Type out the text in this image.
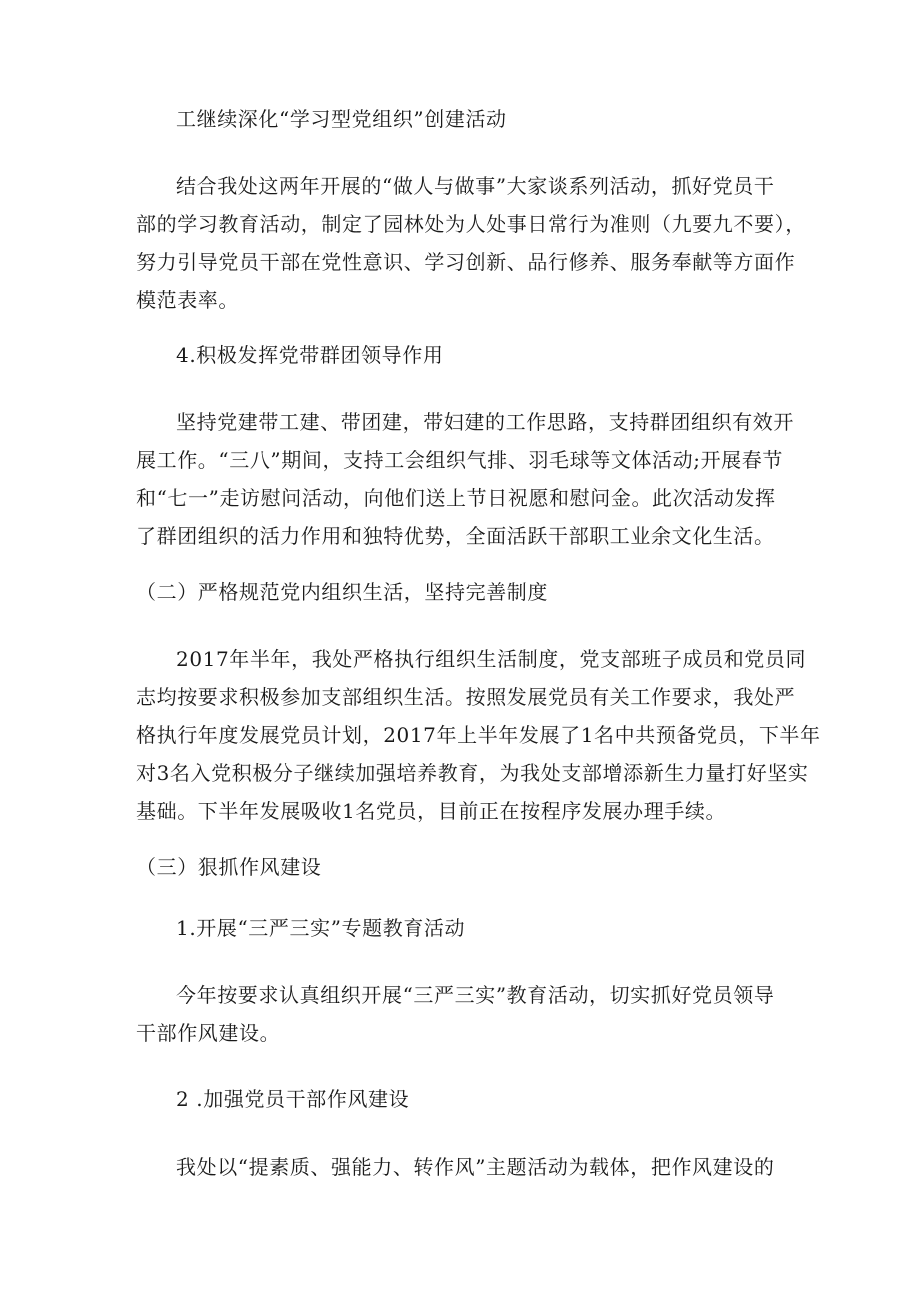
工继续深化“学习型党组织”创建活动
结合我处这两年开展的“做人与做事”大家谈系列活动，抓好党员干
部的学习教育活动，制定了园林处为人处事日常行为准则（九要九不要），
努力引导党员干部在党性意识、学习创新、品行修养、服务奉献等方面作
模范表率。
4.积极发挥党带群团领导作用
坚持党建带工建、带团建，带妇建的工作思路，支持群团组织有效开
展工作。“三八”期间，支持工会组织气排、羽毛球等文体活动;开展春节
和“七一”走访慰问活动，向他们送上节日祝愿和慰问金。此次活动发挥
了群团组织的活力作用和独特优势，全面活跃干部职工业余文化生活。
（二）严格规范党内组织生活，坚持完善制度
2017年半年，我处严格执行组织生活制度，党支部班子成员和党员同
志均按要求积极参加支部组织生活。按照发展党员有关工作要求，我处严
格执行年度发展党员计划，2017年上半年发展了1名中共预备党员，下半年
对3名入党积极分子继续加强培养教育，为我处支部增添新生力量打好坚实
基础。下半年发展吸收1名党员，目前正在按程序发展办理手续。
（三）狠抓作风建设
1.开展“三严三实”专题教育活动
今年按要求认真组织开展“三严三实”教育活动，切实抓好党员领导
干部作风建设。
2 .加强党员干部作风建设
我处以“提素质、强能力、转作风”主题活动为载体，把作风建设的
